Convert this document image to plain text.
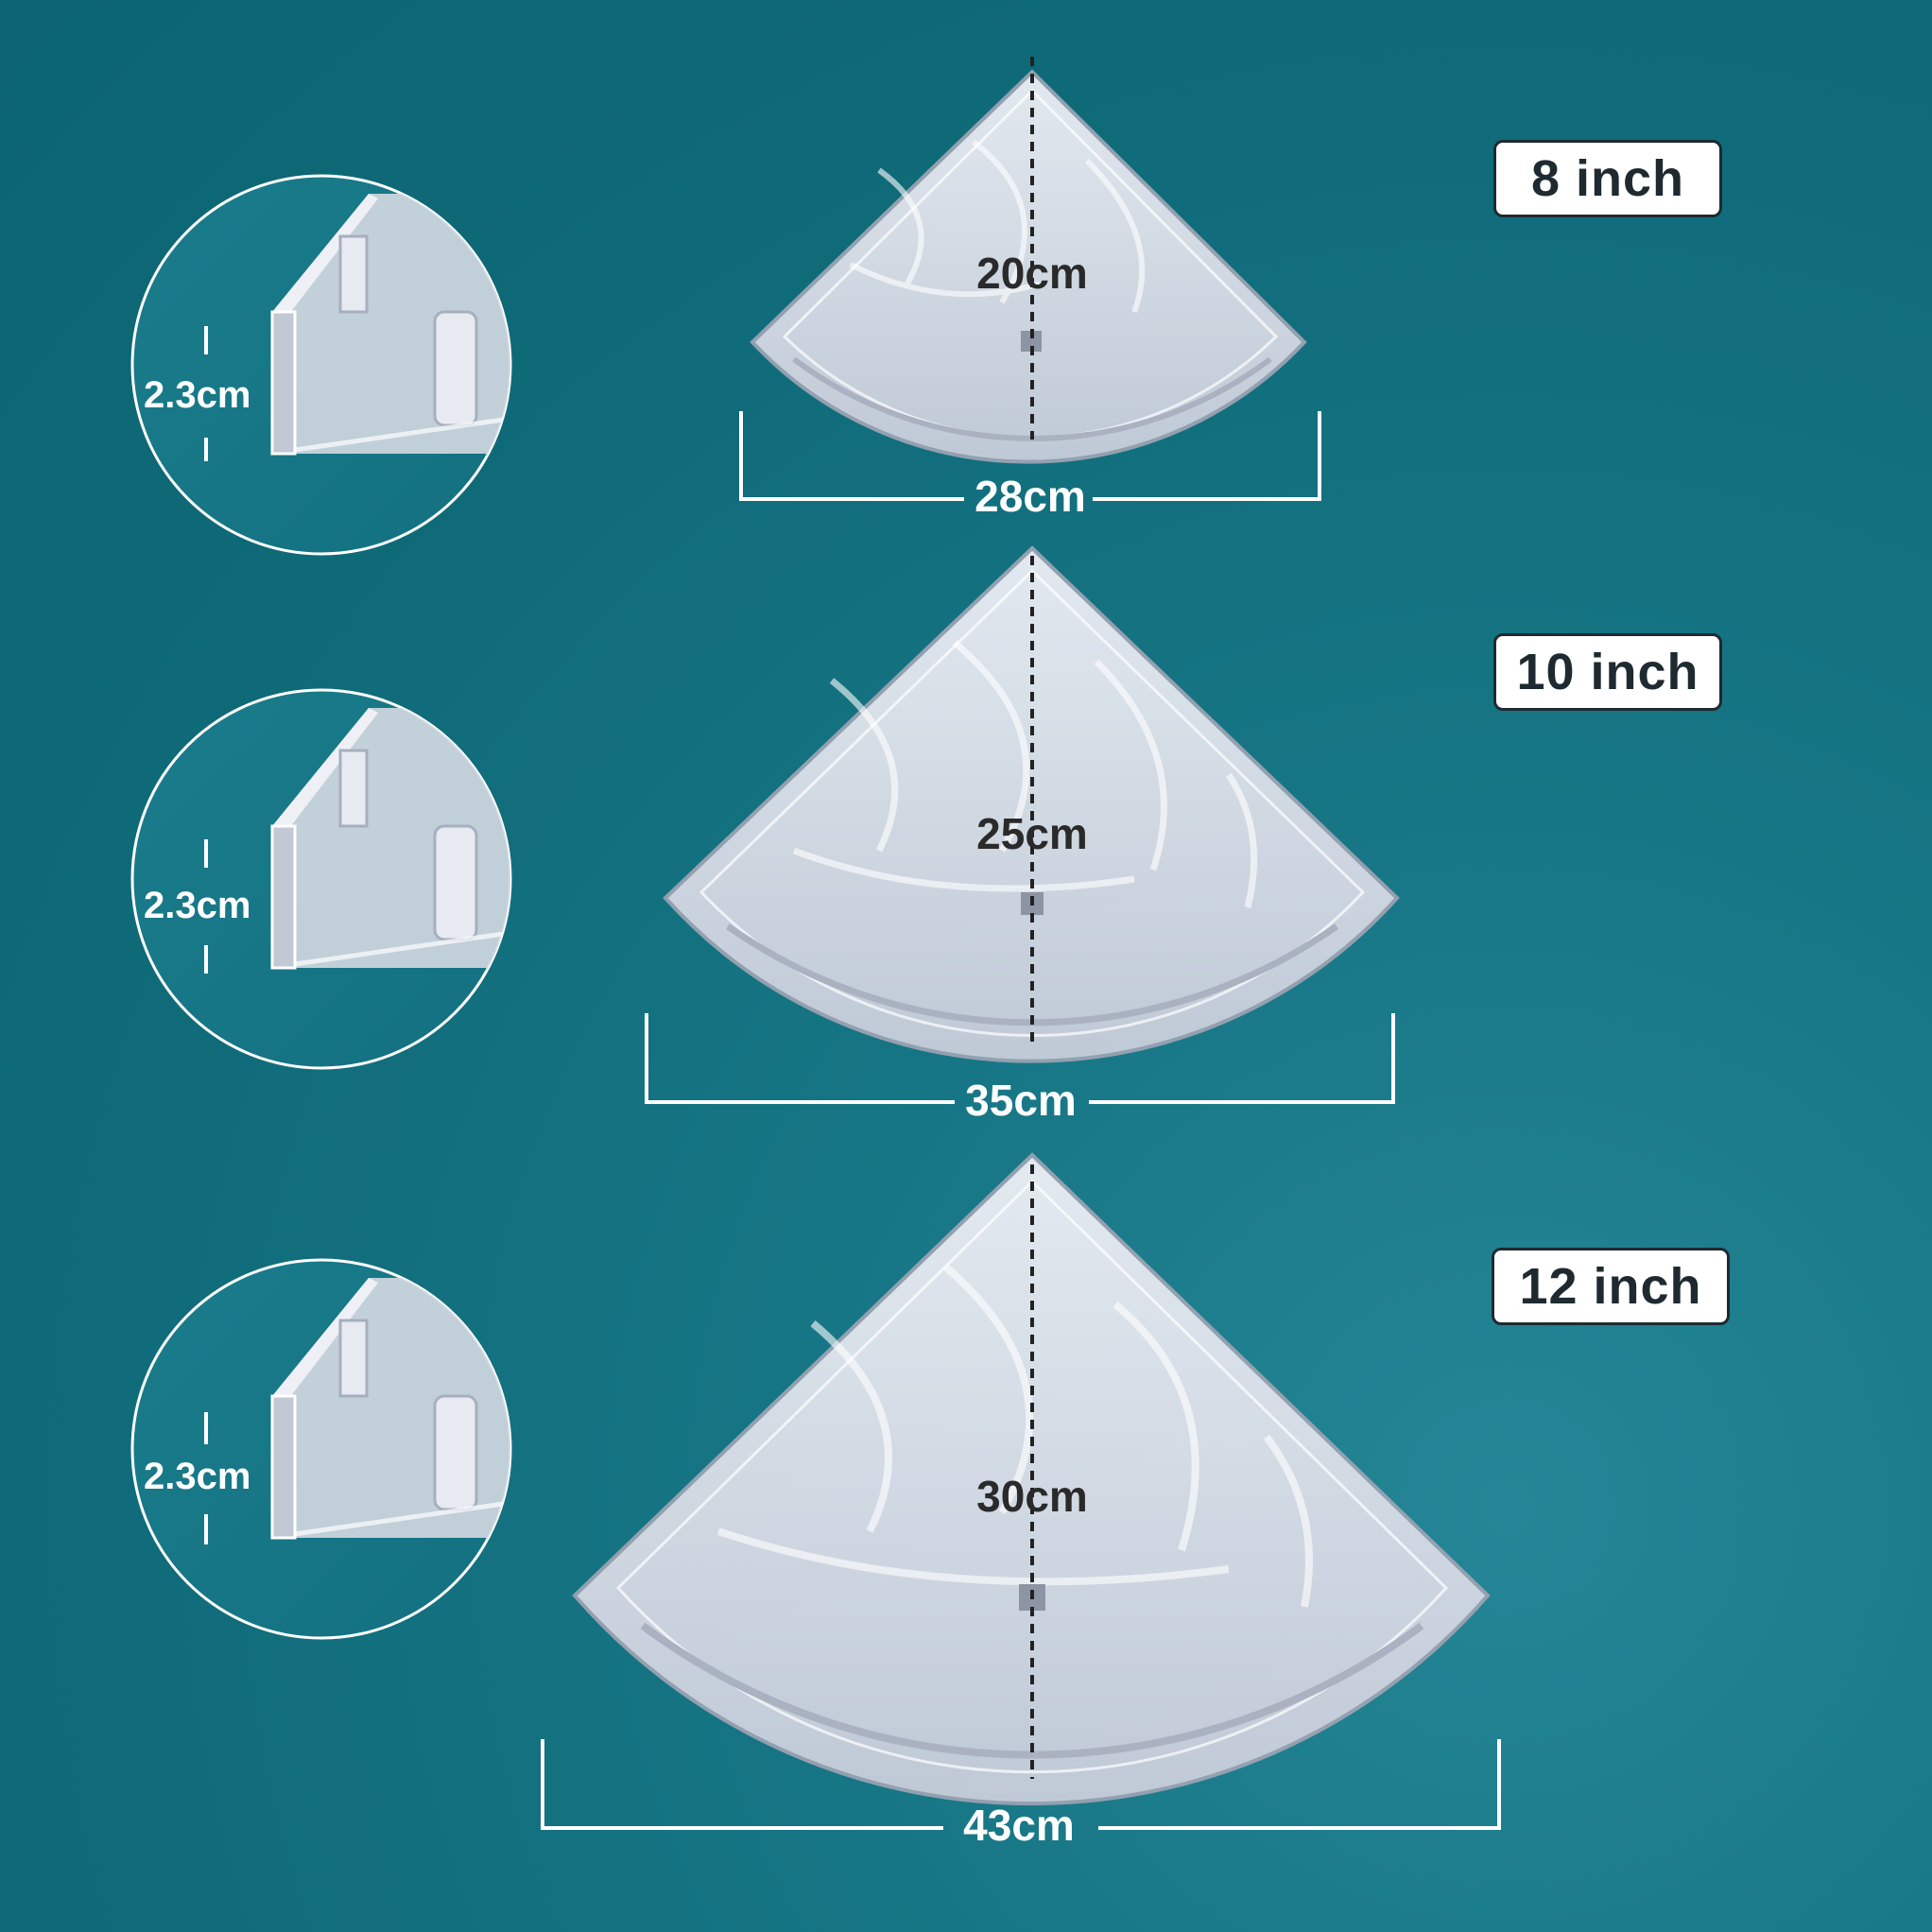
8 inch
10 inch
12 inch
20cm
25cm
30cm
28cm
35cm
43cm
2.3cm
2.3cm
2.3cm
